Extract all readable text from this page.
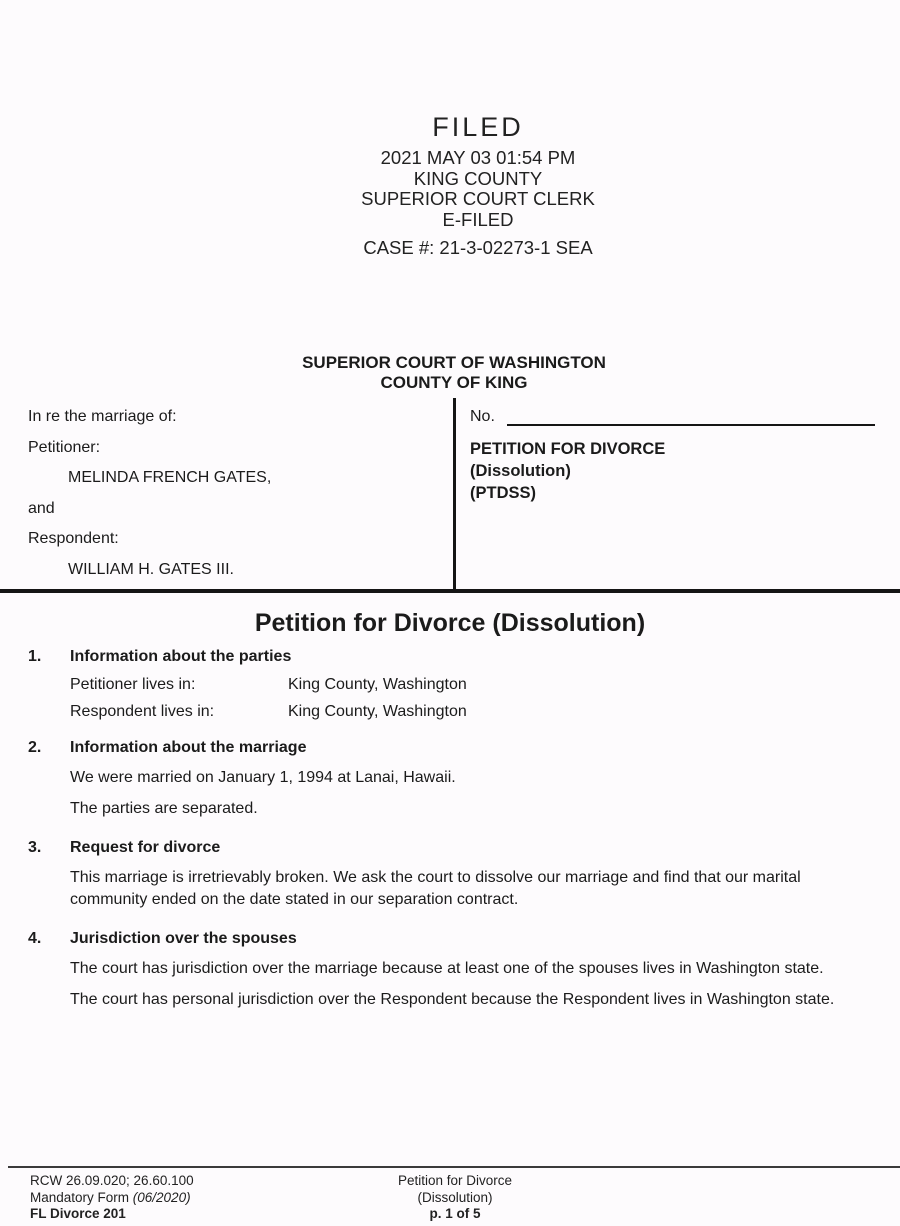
FILED
2021 MAY 03 01:54 PM
KING COUNTY
SUPERIOR COURT CLERK
E-FILED
CASE #: 21-3-02273-1 SEA
SUPERIOR COURT OF WASHINGTON
COUNTY OF KING
In re the marriage of:
Petitioner:
MELINDA FRENCH GATES,
and
Respondent:
WILLIAM H. GATES III.
No.
PETITION FOR DIVORCE
(Dissolution)
(PTDSS)
Petition for Divorce (Dissolution)
1.	Information about the parties
Petitioner lives in:	King County, Washington
Respondent lives in:	King County, Washington
2.	Information about the marriage
We were married on January 1, 1994 at Lanai, Hawaii.
The parties are separated.
3.	Request for divorce
This marriage is irretrievably broken. We ask the court to dissolve our marriage and find that our marital community ended on the date stated in our separation contract.
4.	Jurisdiction over the spouses
The court has jurisdiction over the marriage because at least one of the spouses lives in Washington state.
The court has personal jurisdiction over the Respondent because the Respondent lives in Washington state.
RCW 26.09.020; 26.60.100
Mandatory Form (06/2020)
FL Divorce 201
Petition for Divorce
(Dissolution)
p. 1 of 5
